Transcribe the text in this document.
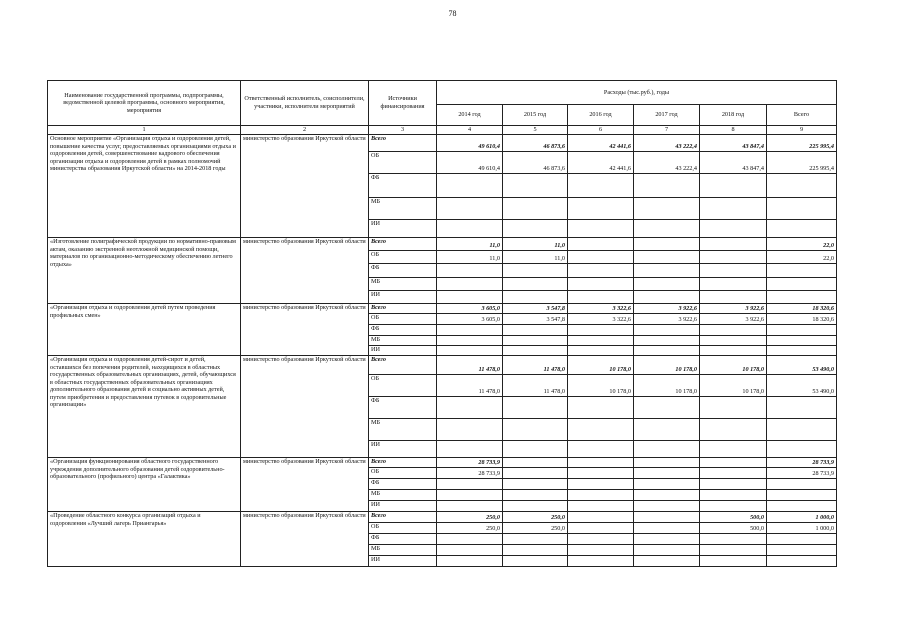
78
Наименование государственной программы, подпрограммы, ведомственной целевой программы, основного мероприятия, мероприятия	Ответственный исполнитель, соисполнители, участники, исполнители мероприятий	Источники финансирования	Расходы (тыс.руб.), годы					
			2014 год	2015 год	2016 год	2017 год	2018 год	Всего
1	2	3	4	5	6	7	8	9
Основное мероприятие «Организация отдыха и оздоровления детей, повышение качества услуг, предоставляемых организациями отдыха и оздоровления детей, совершенствование кадрового обеспечения организации отдыха и оздоровления детей в рамках полномочий министерства образования Иркутской области» на 2014-2018 годы	министерство образования Иркутской области	Всего	49 610,4	46 873,6	42 441,6	43 222,4	43 847,4	225 995,4
		ОБ	49 610,4	46 873,6	42 441,6	43 222,4	43 847,4	225 995,4
		ФБ						
		МБ						
		ИИ						
«Изготовление полиграфической продукции по нормативно-правовым актам, оказанию экстренной неотложной медицинской помощи, материалов по организационно-методическому обеспечению летнего отдыха»	министерство образования Иркутской области	Всего	11,0	11,0				22,0
		ОБ	11,0	11,0				22,0
		ФБ						
		МБ						
		ИИ						
«Организация отдыха и оздоровления детей путем проведения профильных смен»	министерство образования Иркутской области	Всего	3 605,0	3 547,8	3 322,6	3 922,6	3 922,6	18 320,6
		ОБ	3 605,0	3 547,8	3 322,6	3 922,6	3 922,6	18 320,6
		ФБ						
		МБ						
		ИИ						
«Организация отдыха и оздоровления детей-сирот и детей, оставшихся без попечения родителей, находящихся в областных государственных образовательных организациях, детей, обучающихся в областных государственных образовательных организациях дополнительного образования детей и социально активных детей, путем приобретения и предоставления путевок в оздоровительные организации»	министерство образования Иркутской области	Всего	11 478,0	11 478,0	10 178,0	10 178,0	10 178,0	53 490,0
		ОБ	11 478,0	11 478,0	10 178,0	10 178,0	10 178,0	53 490,0
		ФБ						
		МБ						
		ИИ						
«Организация функционирования областного государственного учреждения дополнительного образования детей оздоровительно-образовательного (профильного) центра «Галактика»	министерство образования Иркутской области	Всего	28 733,9					28 733,9
		ОБ	28 733,9					28 733,9
		ФБ						
		МБ						
		ИИ						
«Проведение областного конкурса организаций отдыха и оздоровления «Лучший лагерь Приангарья»	министерство образования Иркутской области	Всего	250,0	250,0			500,0	1 000,0
		ОБ	250,0	250,0			500,0	1 000,0
		ФБ						
		МБ						
		ИИ						
